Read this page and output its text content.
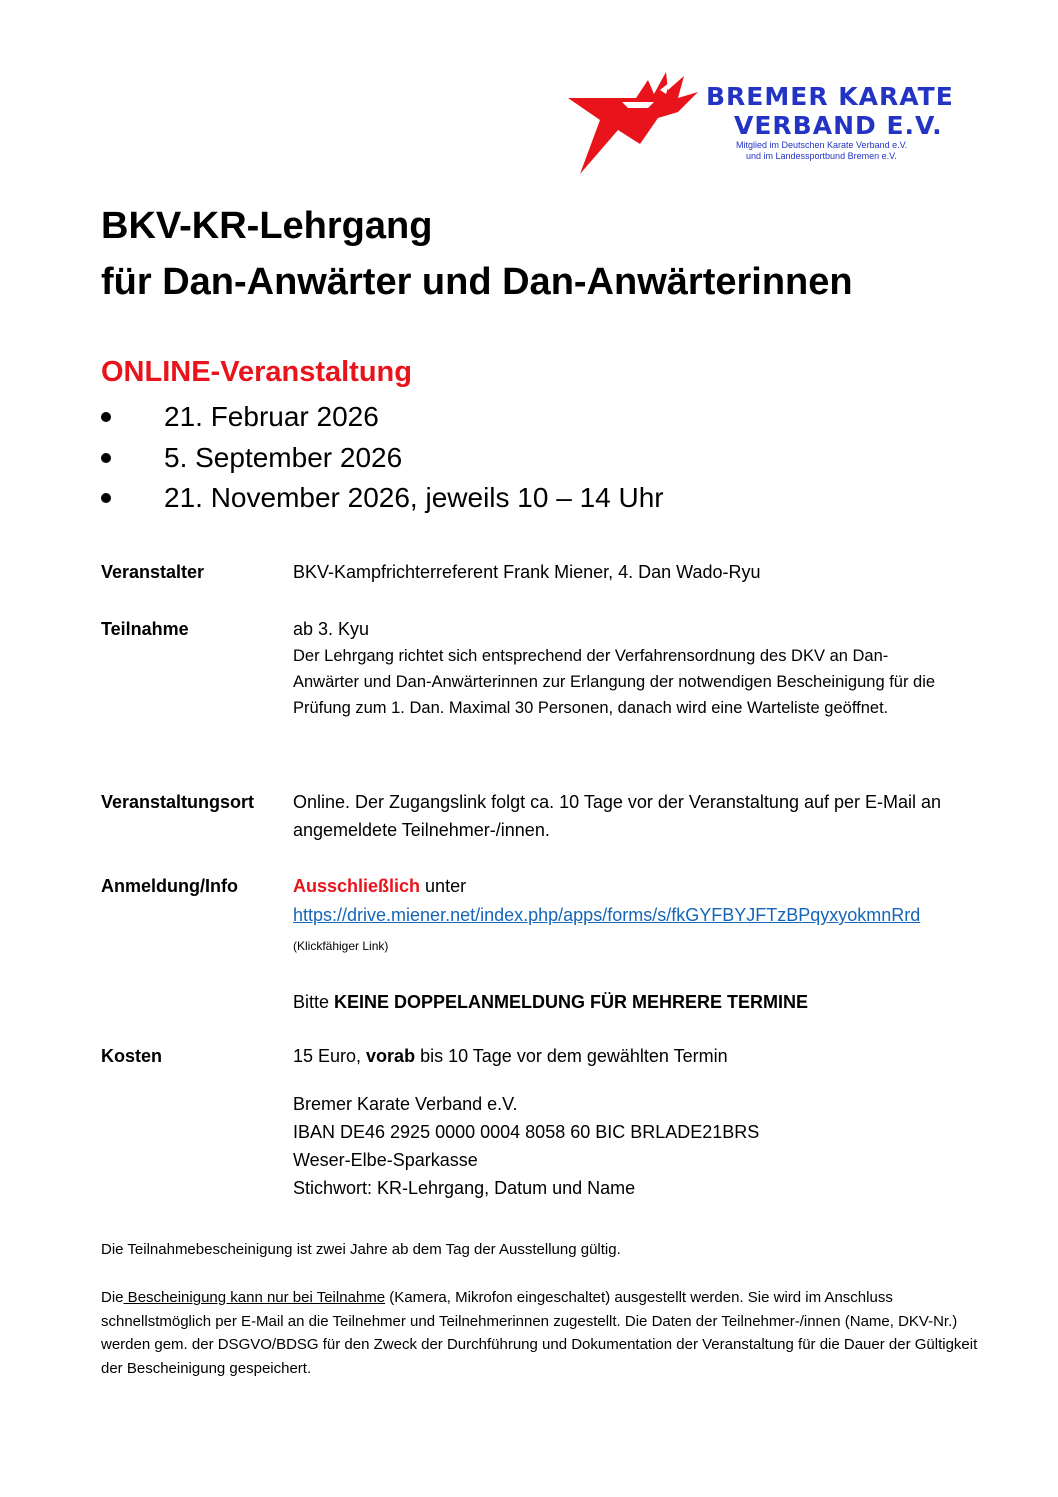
BREMER KARATE
VERBAND E.V.
Mitglied im Deutschen Karate Verband e.V.
und im Landessportbund Bremen e.V.
BKV-KR-Lehrgang
für Dan-Anwärter und Dan-Anwärterinnen
ONLINE-Veranstaltung
21. Februar 2026
5. September 2026
21. November 2026, jeweils 10 – 14 Uhr
Veranstalter	BKV-Kampfrichterreferent Frank Miener, 4. Dan Wado-Ryu
Teilnahme	ab 3. Kyu

Der Lehrgang richtet sich entsprechend der Verfahrensordnung des DKV an Dan-Anwärter und Dan-Anwärterinnen zur Erlangung der notwendigen Bescheinigung für die Prüfung zum 1. Dan. Maximal 30 Personen, danach wird eine Warteliste geöffnet.

Veranstaltungsort Online. Der Zugangslink folgt ca. 10 Tage vor der Veranstaltung auf per E-Mail an angemeldete Teilnehmer-/innen.
Anmeldung/Info	Ausschließlich unter
https://drive.miener.net/index.php/apps/forms/s/fkGYFBYJFTzBPqyxyokmnRrd (Klickfähiger Link)
Bitte KEINE DOPPELANMELDUNG FÜR MEHRERE TERMINE
Kosten	15 Euro, vorab bis 10 Tage vor dem gewählten Termin
Bremer Karate Verband e.V.
IBAN DE46 2925 0000 0004 8058 60 BIC BRLADE21BRS
Weser-Elbe-Sparkasse
Stichwort: KR-Lehrgang, Datum und Name

Die Teilnahmebescheinigung ist zwei Jahre ab dem Tag der Ausstellung gültig.

Die Bescheinigung kann nur bei Teilnahme (Kamera, Mikrofon eingeschaltet) ausgestellt werden. Sie wird im Anschluss schnellstmöglich per E-Mail an die Teilnehmer und Teilnehmerinnen zugestellt. Die Daten der Teilnehmer-/innen (Name, DKV-Nr.) werden gem. der DSGVO/BDSG für den Zweck der Durchführung und Dokumentation der Veranstaltung für die Dauer der Gültigkeit der Bescheinigung gespeichert.
